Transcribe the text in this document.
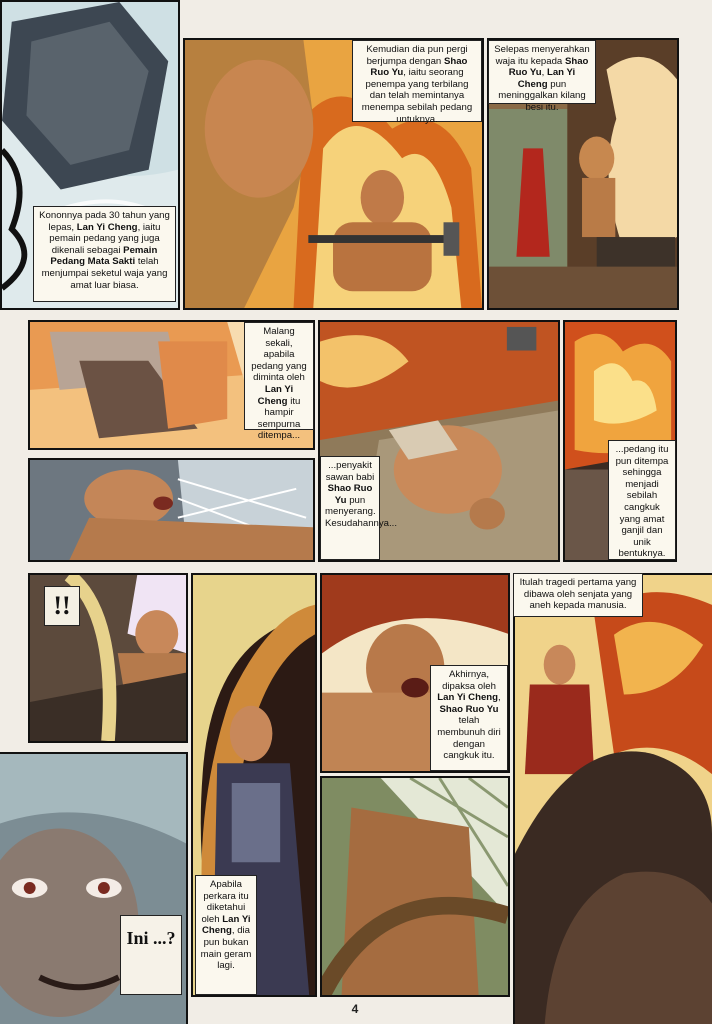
Kononnya pada 30 tahun yang lepas, Lan Yi Cheng, iaitu pemain pedang yang juga dikenali sebagai Pemain Pedang Mata Sakti telah menjumpai seketul waja yang amat luar biasa.
Kemudian dia pun pergi berjumpa dengan Shao Ruo Yu, iaitu seorang penempa yang terbilang dan telah memintanya menempa sebilah pedang untuknya.
Selepas menyerahkan waja itu kepada Shao Ruo Yu, Lan Yi Cheng pun meninggalkan kilang besi itu.
Malang sekali, apabila pedang yang diminta oleh Lan Yi Cheng itu hampir sempurna ditempa...
...penyakit sawan babi Shao Ruo Yu pun menyerang. Kesudahannya...
...pedang itu pun ditempa sehingga menjadi sebilah cangkuk yang amat ganjil dan unik bentuknya.
Itulah tragedi pertama yang dibawa oleh senjata yang aneh kepada manusia.
Akhirnya, dipaksa oleh Lan Yi Cheng, Shao Ruo Yu telah membunuh diri dengan cangkuk itu.
Apabila perkara itu diketahui oleh Lan Yi Cheng, dia pun bukan main geram lagi.
!!
Ini ...?
4
